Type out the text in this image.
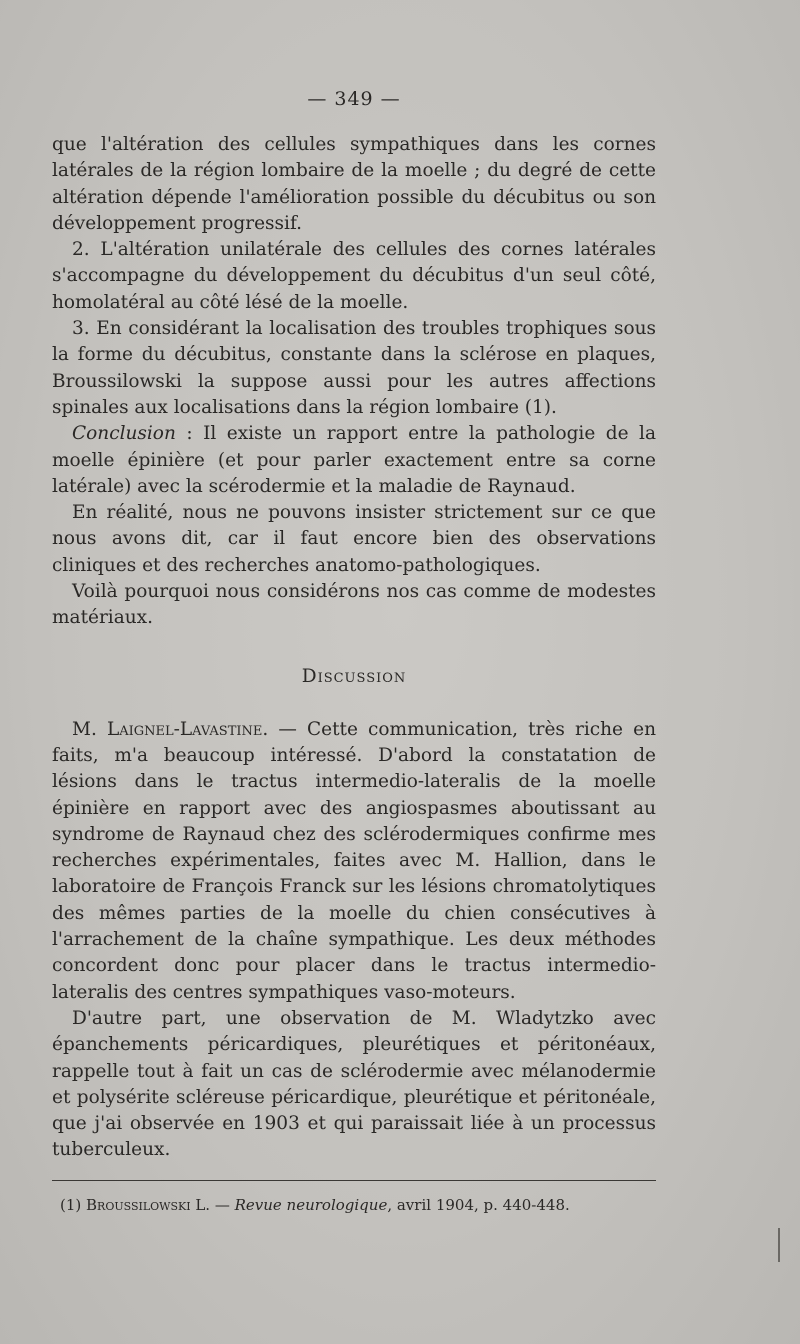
— 349 —

que l'altération des cellules sympathiques dans les cornes latérales de la région lombaire de la moelle ; du degré de cette altération dépende l'amélioration possible du décubitus ou son développement progressif.

2. L'altération unilatérale des cellules des cornes latérales s'accompagne du développement du décubitus d'un seul côté, homolatéral au côté lésé de la moelle.

3. En considérant la localisation des troubles trophiques sous la forme du décubitus, constante dans la sclérose en plaques, Broussilowski la suppose aussi pour les autres affections spinales aux localisations dans la région lombaire (1).

Conclusion : Il existe un rapport entre la pathologie de la moelle épinière (et pour parler exactement entre sa corne latérale) avec la scérodermie et la maladie de Raynaud.

En réalité, nous ne pouvons insister strictement sur ce que nous avons dit, car il faut encore bien des observations cliniques et des recherches anatomo-pathologiques.

Voilà pourquoi nous considérons nos cas comme de modestes matériaux.

Discussion

M. Laignel-Lavastine. — Cette communication, très riche en faits, m'a beaucoup intéressé. D'abord la constatation de lésions dans le tractus intermedio-lateralis de la moelle épinière en rapport avec des angiospasmes aboutissant au syndrome de Raynaud chez des sclérodermiques confirme mes recherches expérimentales, faites avec M. Hallion, dans le laboratoire de François Franck sur les lésions chromatolytiques des mêmes parties de la moelle du chien consécutives à l'arrachement de la chaîne sympathique. Les deux méthodes concordent donc pour placer dans le tractus intermedio-lateralis des centres sympathiques vaso-moteurs.

D'autre part, une observation de M. Wladytzko avec épanchements péricardiques, pleurétiques et péritonéaux, rappelle tout à fait un cas de sclérodermie avec mélanodermie et polysérite scléreuse péricardique, pleurétique et péritonéale, que j'ai observée en 1903 et qui paraissait liée à un processus tuberculeux.

(1) Broussilowski L. — Revue neurologique, avril 1904, p. 440-448.
